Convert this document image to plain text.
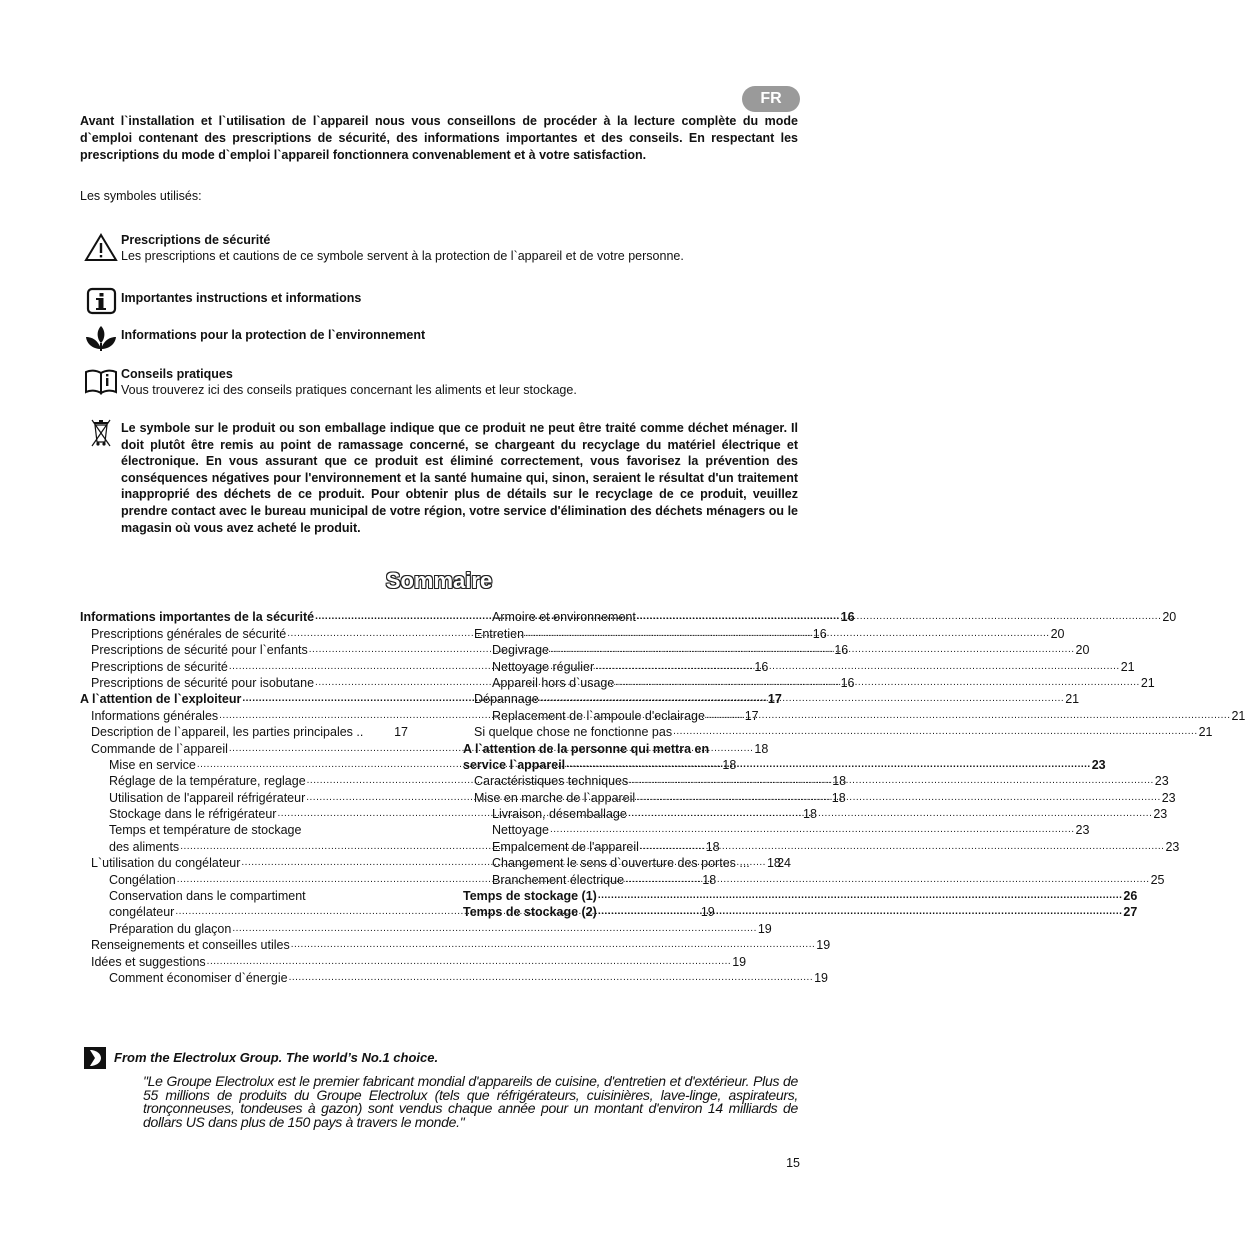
FR

Avant l`installation et l`utilisation de l`appareil nous vous conseillons de procéder à la lecture complète du mode d`emploi contenant des prescriptions de sécurité, des informations importantes et des conseils. En respectant les prescriptions du mode d`emploi l`appareil fonctionnera convenablement et à votre satisfaction.

Les symboles utilisés:
Prescriptions de sécurité
Les prescriptions et cautions de ce symbole servent à la protection de l`appareil et de votre personne.
Importantes instructions et informations
Informations pour la protection de l`environnement
Conseils pratiques
Vous trouverez ici des conseils pratiques concernant les aliments et leur stockage.

Le symbole sur le produit ou son emballage indique que ce produit ne peut être traité comme déchet ménager. Il doit plutôt être remis au point de ramassage concerné, se chargeant du recyclage du matériel électrique et électronique. En vous assurant que ce produit est éliminé correctement, vous favorisez la prévention des conséquences négatives pour l'environnement et la santé humaine qui, sinon, seraient le résultat d'un traitement inapproprié des déchets de ce produit. Pour obtenir plus de détails sur le recyclage de ce produit, veuillez prendre contact avec le bureau municipal de votre région, votre service d'élimination des déchets ménagers ou le magasin où vous avez acheté le produit.

Sommaire
Informations importantes de la sécurité .....	16
Prescriptions générales de sécurité .....	16
Prescriptions de sécurité pour l`enfants .....	16
Prescriptions de sécurité .....	16
Prescriptions de sécurité pour isobutane .....	16
A l`attention de l`exploiteur .....	17
Informations générales .....	17
Description de l`appareil, les parties principales .. 17
Commande de l`appareil .....	18
Mise en service .....	18
Réglage de la température, reglage .....	18
Utilisation de l'appareil réfrigérateur .....	18
Stockage dans le réfrigérateur .....	18
Temps et température de stockage
des aliments .....	18
L`utilisation du congélateur .....	18
Congélation .....	18
Conservation dans le compartiment
congélateur .....	19
Préparation du glaçon .....	19
Renseignements et conseilles utiles .....	19
Idées et suggestions .....	19
Comment économiser d`énergie .....	19
Armoire et environnement .....	20
Entretien .....	20
Degivrage .....	20
Nettoyage régulier .....	21
Appareil hors d`usage .....	21
Dépannage .....	21
Replacement de l`ampoule d'eclairage .....	21
Si quelque chose ne fonctionne pas .....	21
A l`attention de la personne qui mettra en
service l`appareil .....	23
Caractéristiques techniques .....	23
Mise en marche de l`appareil .....	23
Livraison, désemballage .....	23
Nettoyage .....	23
Empalcement de l'appareil .....	23
Changement le sens d`ouverture des portes ... 24
Branchement électrique .....	25
Temps de stockage (1) .....	26
Temps de stockage (2) .....	27
From the Electrolux Group. The world’s No.1 choice.

"Le Groupe Electrolux est le premier fabricant mondial d'appareils de cuisine, d'entretien et d'extérieur. Plus de 55 millions de produits du Groupe Electrolux (tels que réfrigérateurs, cuisinières, lave-linge, aspirateurs, tronçonneuses, tondeuses à gazon) sont vendus chaque année pour un montant d'environ 14 milliards de dollars US dans plus de 150 pays à travers le monde."

15
